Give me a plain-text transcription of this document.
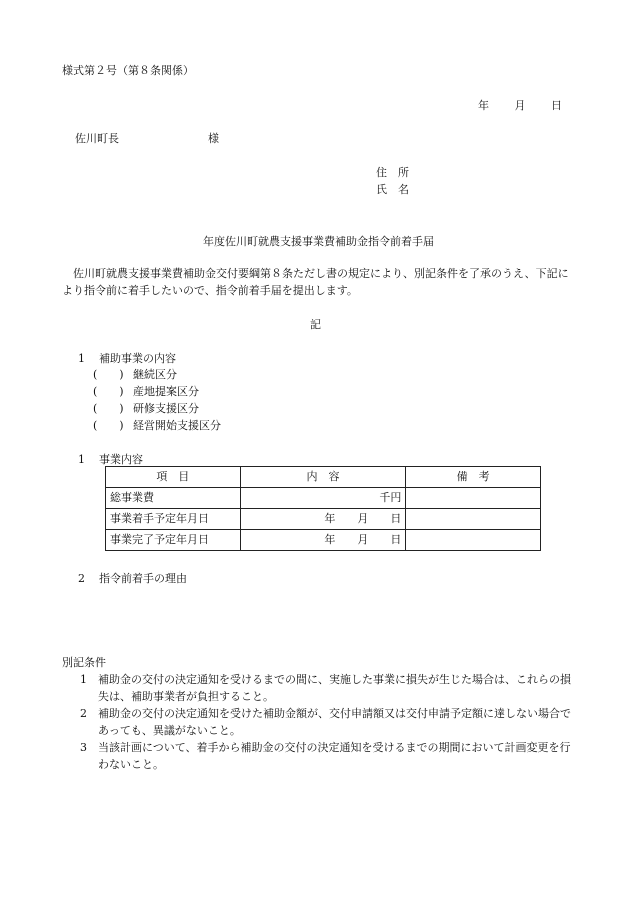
様式第２号（第８条関係）
年 月 日
佐川町長	様
住　所
氏　名
年度佐川町就農支援事業費補助金指令前着手届
佐川町就農支援事業費補助金交付要綱第８条ただし書の規定により、別記条件を了承のうえ、下記により指令前に着手したいので、指令前着手届を提出します。
記
1 補助事業の内容
(　　) 継続区分
(　　) 産地提案区分
(　　) 研修支援区分
(　　) 経営開始支援区分
1 事業内容
項　目	内　容	備　考
総事業費	千円	
事業着手予定年月日	年　　月　　日	
事業完了予定年月日	年　　月　　日	
2 指令前着手の理由
別記条件
1　 補助金の交付の決定通知を受けるまでの間に、実施した事業に損失が生じた場合は、これらの損失は、補助事業者が負担すること。
2　 補助金の交付の決定通知を受けた補助金額が、交付申請額又は交付申請予定額に達しない場合であっても、異議がないこと。
3　 当該計画について、着手から補助金の交付の決定通知を受けるまでの期間において計画変更を行わないこと。
